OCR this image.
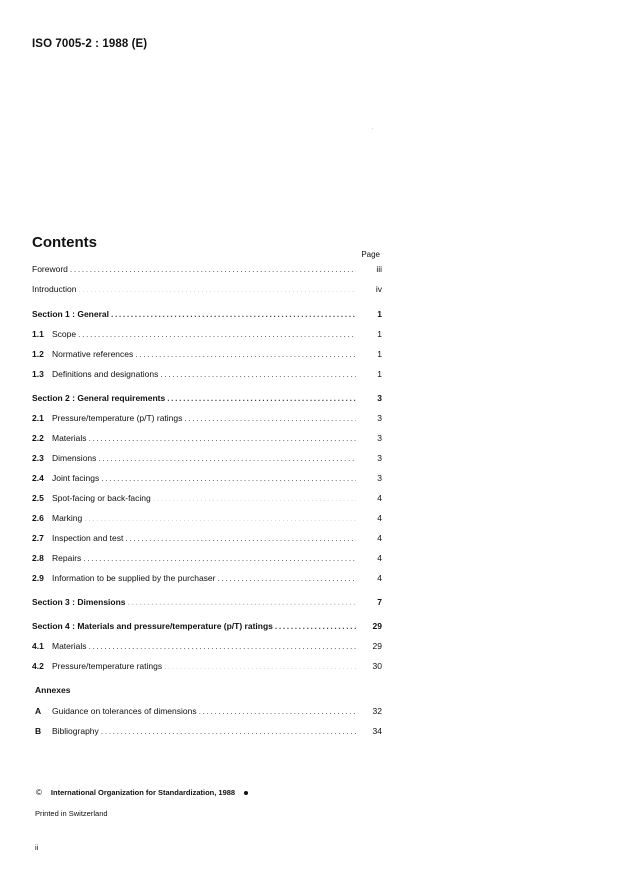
ISO 7005-2 : 1988 (E)
Contents
Page
Foreword .....	iii
Introduction .....	iv
Section 1 : General .....	1
1.1 Scope .....	1
1.2 Normative references .....	1
1.3 Definitions and designations .....	1
Section 2 : General requirements .....	3
2.1 Pressure/temperature (p/T) ratings .....	3
2.2 Materials .....	3
2.3 Dimensions .....	3
2.4 Joint facings .....	3
2.5 Spot-facing or back-facing .....	4
2.6 Marking .....	4
2.7 Inspection and test .....	4
2.8 Repairs .....	4
2.9 Information to be supplied by the purchaser .....	4
Section 3 : Dimensions .....	7
Section 4 : Materials and pressure/temperature (p/T) ratings .....	29
4.1 Materials .....	29
4.2 Pressure/temperature ratings .....	30
A	Guidance on tolerances of dimensions .....	32
B	Bibliography .....	34
Annexes
© International Organization for Standardization, 1988
Printed in Switzerland
ii
